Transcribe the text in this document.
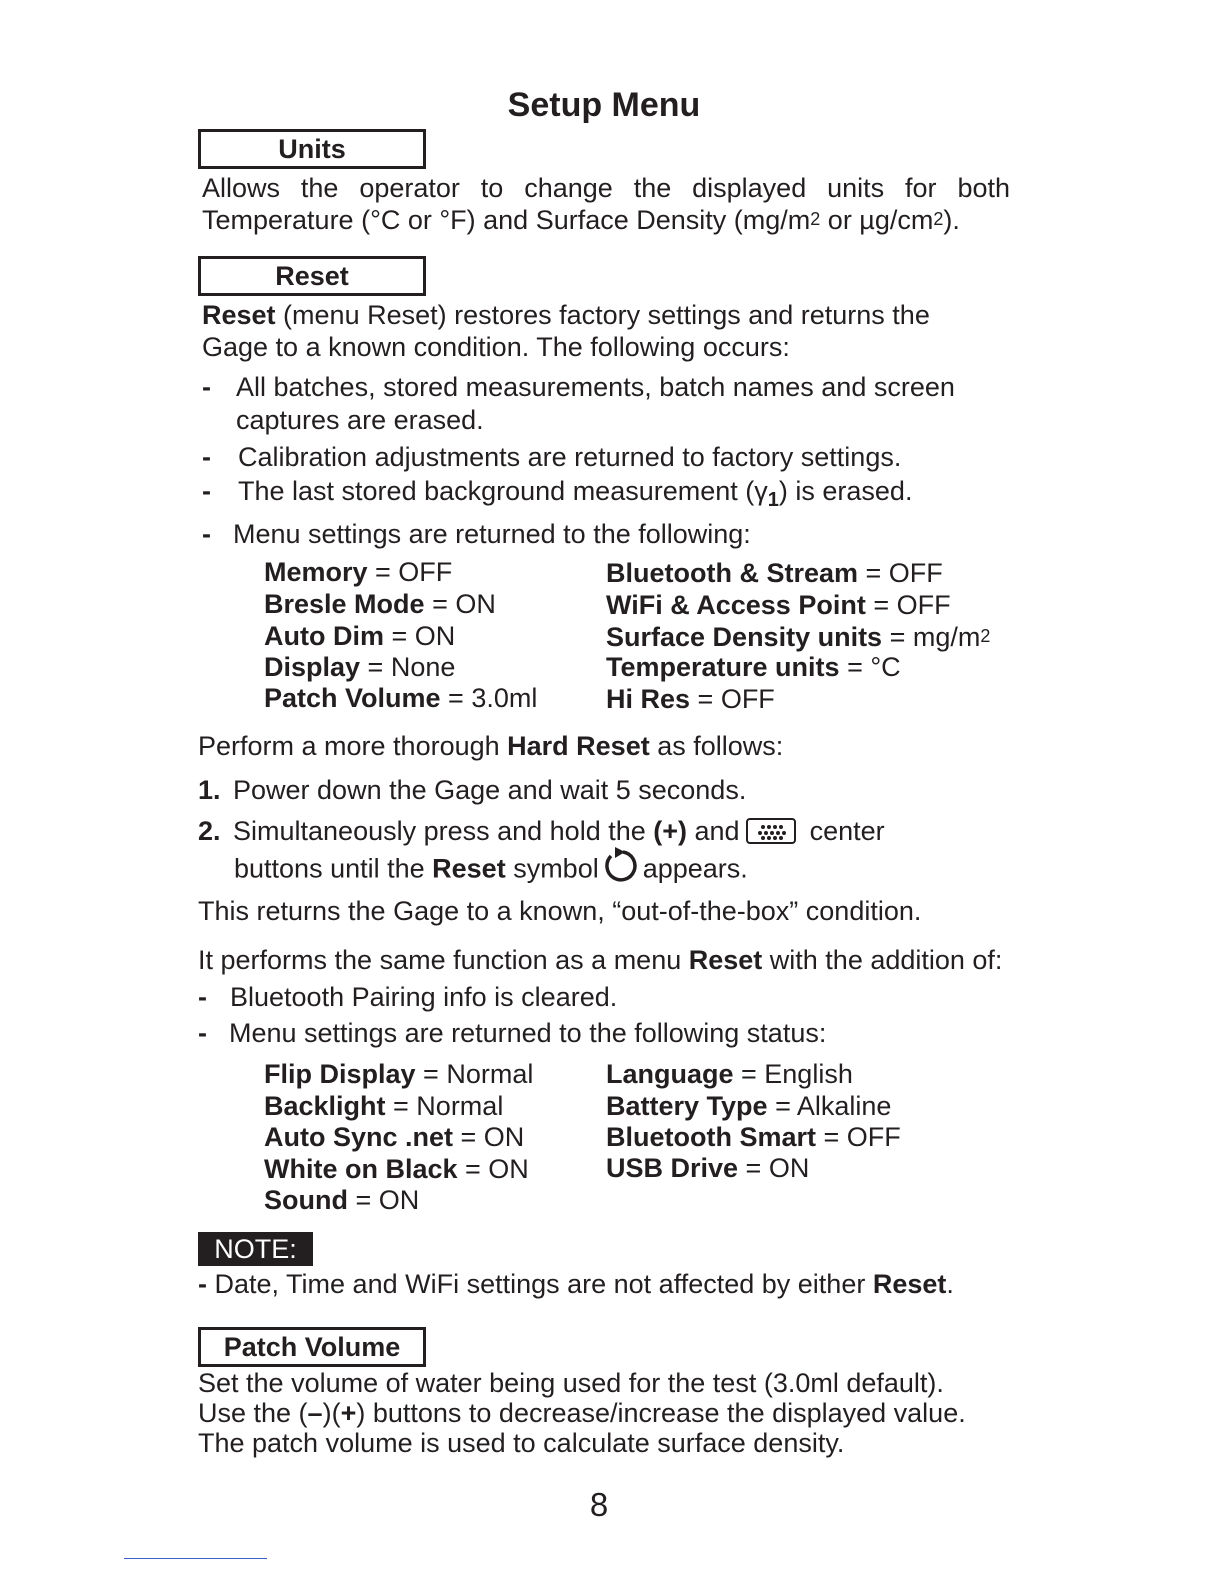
Setup Menu
Units
Allows the operator to change the displayed units for both
Temperature (°C or °F) and Surface Density ($mg/m^2$ or $\mu g/cm^2$).
Reset
Reset (menu Reset) restores factory settings and returns the
Gage to a known condition. The following occurs:
- All batches, stored measurements, batch names and screen
captures are erased.
- Calibration adjustments are returned to factory settings.
- The last stored background measurement $(\gamma_1)$ is erased.
- Menu settings are returned to the following:
Memory = OFF
Bresle Mode = ON
Auto Dim = ON
Display = None
Patch Volume = 3.0ml
Bluetooth & Stream = OFF
WiFi & Access Point = OFF
Surface Density units = $mg/m^2$
Temperature units = °C
Hi Res = OFF
Perform a more thorough Hard Reset as follows:
1. Power down the Gage and wait 5 seconds.
2. Simultaneously press and hold the (+) and	center
buttons until the Reset symbol appears.
This returns the Gage to a known, “out-of-the-box” condition.
It performs the same function as a menu Reset with the addition of:
- Bluetooth Pairing info is cleared.
- Menu settings are returned to the following status:
Flip Display = Normal
Backlight = Normal
Auto Sync .net = ON
White on Black = ON
Sound = ON
Language = English
Battery Type = Alkaline
Bluetooth Smart = OFF
USB Drive = ON
NOTE:
- Date, Time and WiFi settings are not affected by either Reset.
Patch Volume
Set the volume of water being used for the test (3.0ml default).
Use the (–)(+) buttons to decrease/increase the displayed value.
The patch volume is used to calculate surface density.
8
